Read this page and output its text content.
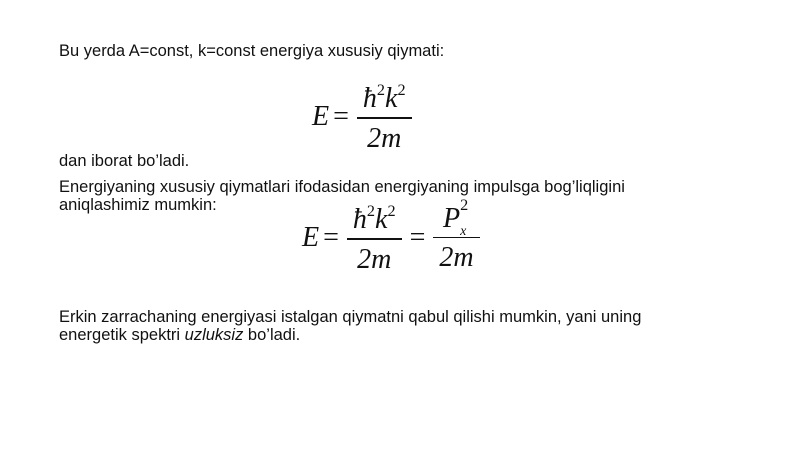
Bu yerda A=const, k=const energiya xususiy qiymati:

$E = \frac{ħ^2k^2}{2m}$

dan iborat bo’ladi.

Energiyaning xususiy qiymatlari ifodasidan energiyaning impulsga bog’liqligini
aniqlashimiz mumkin:

$E = \frac{ħ^2k^2}{2m} = P$ 2
x
2m

Erkin zarrachaning energiyasi istalgan qiymatni qabul qilishi mumkin, yani uning
energetik spektri uzluksiz bo’ladi.
